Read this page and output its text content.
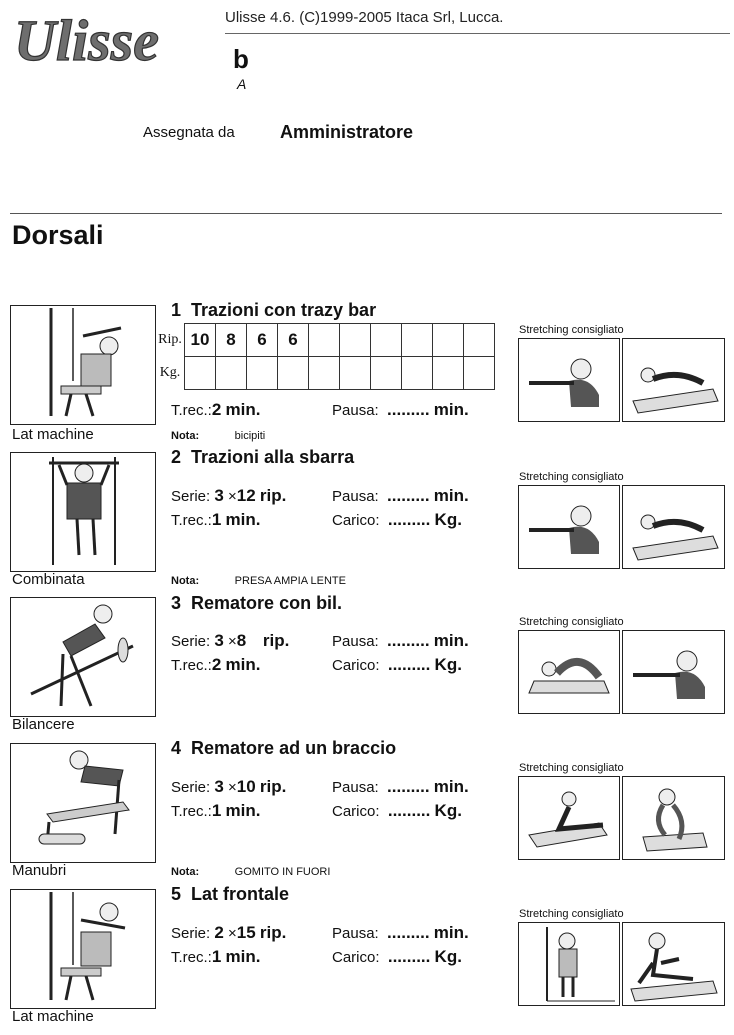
Ulisse	Ulisse 4.6. (C)1999-2005 Itaca Srl, Lucca.
b
A
Assegnata da	Amministratore
Dorsali
Lat machine
1 Trazioni con trazy bar
Rip.	10	8	6	6						
Kg.										
T.rec.:2 min.	Pausa: ......... min.
Nota:	bicipiti
Stretching consigliato
Combinata
2 Trazioni alla sbarra
Serie: 3 ×12 rip.	Pausa: ......... min.
T.rec.:1 min.	Carico: ......... Kg.
Nota:	PRESA AMPIA LENTE
Stretching consigliato
Bilancere
3 Rematore con bil.
Serie: 3 ×8 rip.	Pausa: ......... min.
T.rec.:2 min.	Carico: ......... Kg.
Stretching consigliato
Manubri
4 Rematore ad un braccio
Serie: 3 ×10 rip.	Pausa: ......... min.
T.rec.:1 min.	Carico: ......... Kg.
Nota:	GOMITO IN FUORI
Stretching consigliato
Lat machine
5 Lat frontale
Serie: 2 ×15 rip.	Pausa: ......... min.
T.rec.:1 min.	Carico: ......... Kg.
Stretching consigliato
